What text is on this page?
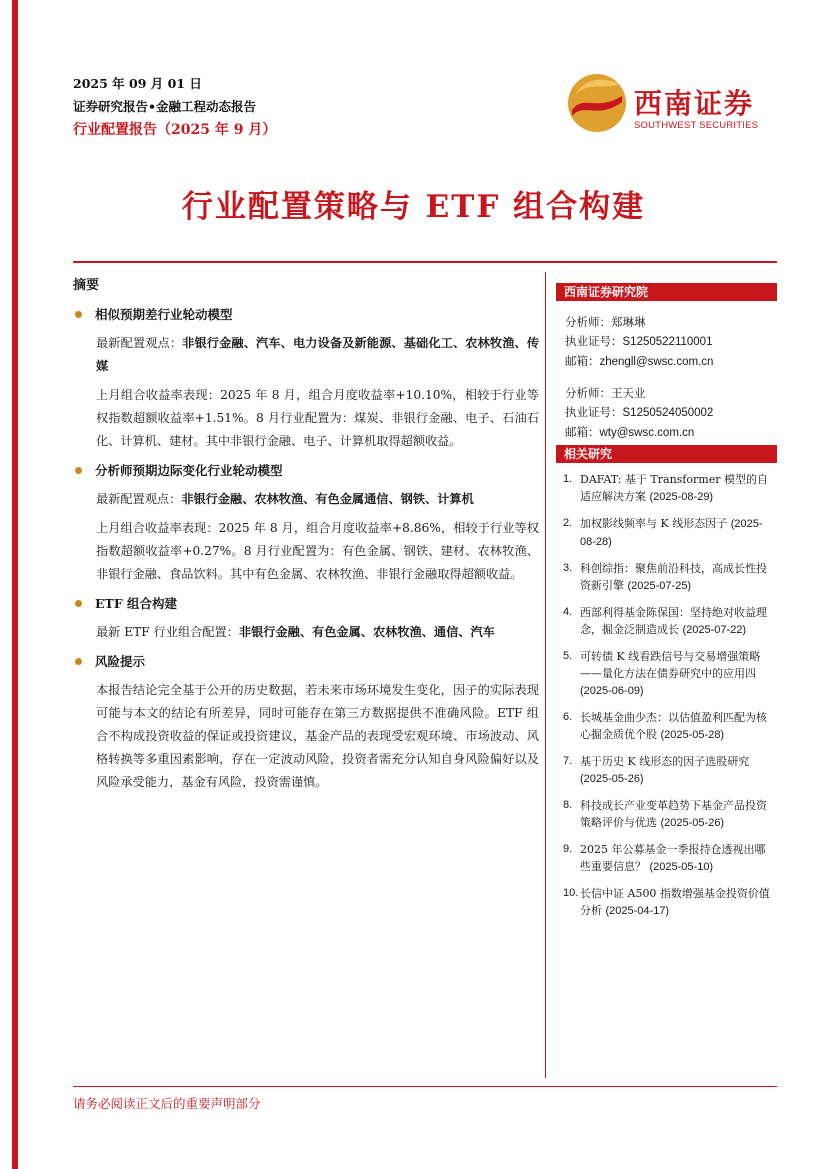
2025 年 09 月 01 日
证券研究报告•金融工程动态报告
行业配置报告（2025 年 9 月）
西南证券
SOUTHWEST SECURITIES
行业配置策略与 ETF 组合构建
摘要
相似预期差行业轮动模型

最新配置观点：非银行金融、汽车、电力设备及新能源、基础化工、农林牧渔、传媒

上月组合收益率表现：2025 年 8 月，组合月度收益率+10.10%，相较于行业等权指数超额收益率+1.51%。8 月行业配置为：煤炭、非银行金融、电子、石油石化、计算机、建材。其中非银行金融、电子、计算机取得超额收益。

分析师预期边际变化行业轮动模型

最新配置观点：非银行金融、农林牧渔、有色金属通信、钢铁、计算机

上月组合收益率表现：2025 年 8 月，组合月度收益率+8.86%，相较于行业等权指数超额收益率+0.27%。8 月行业配置为：有色金属、钢铁、建材、农林牧渔、非银行金融、食品饮料。其中有色金属、农林牧渔、非银行金融取得超额收益。

ETF 组合构建

最新 ETF 行业组合配置：非银行金融、有色金属、农林牧渔、通信、汽车

风险提示

本报告结论完全基于公开的历史数据，若未来市场环境发生变化，因子的实际表现可能与本文的结论有所差异，同时可能存在第三方数据提供不准确风险。ETF 组合不构成投资收益的保证或投资建议，基金产品的表现受宏观环境、市场波动、风格转换等多重因素影响，存在一定波动风险，投资者需充分认知自身风险偏好以及风险承受能力，基金有风险，投资需谨慎。

西南证券研究院
分析师：郑琳琳
执业证号：S1250522110001
邮箱：zhengll@swsc.com.cn
分析师：王天业
执业证号：S1250524050002
邮箱：wty@swsc.com.cn
相关研究
1. DAFAT: 基于 Transformer 模型的自适应解决方案 (2025-08-29)
2. 加权影线频率与 K 线形态因子 (2025-08-28)
3. 科创综指：聚焦前沿科技，高成长性投资新引擎 (2025-07-25)
4. 西部利得基金陈保国：坚持绝对收益理念，掘金泛制造成长 (2025-07-22)
5. 可转债 K 线看跌信号与交易增强策略——量化方法在债券研究中的应用四 (2025-06-09)
6. 长城基金曲少杰：以估值盈利匹配为核心掘金质优个股 (2025-05-28)
7. 基于历史 K 线形态的因子选股研究 (2025-05-26)
8. 科技成长产业变革趋势下基金产品投资策略评价与优选 (2025-05-26)
9. 2025 年公募基金一季报持仓透视出哪些重要信息？ (2025-05-10)
10. 长信中证 A500 指数增强基金投资价值分析 (2025-04-17)
请务必阅读正文后的重要声明部分
